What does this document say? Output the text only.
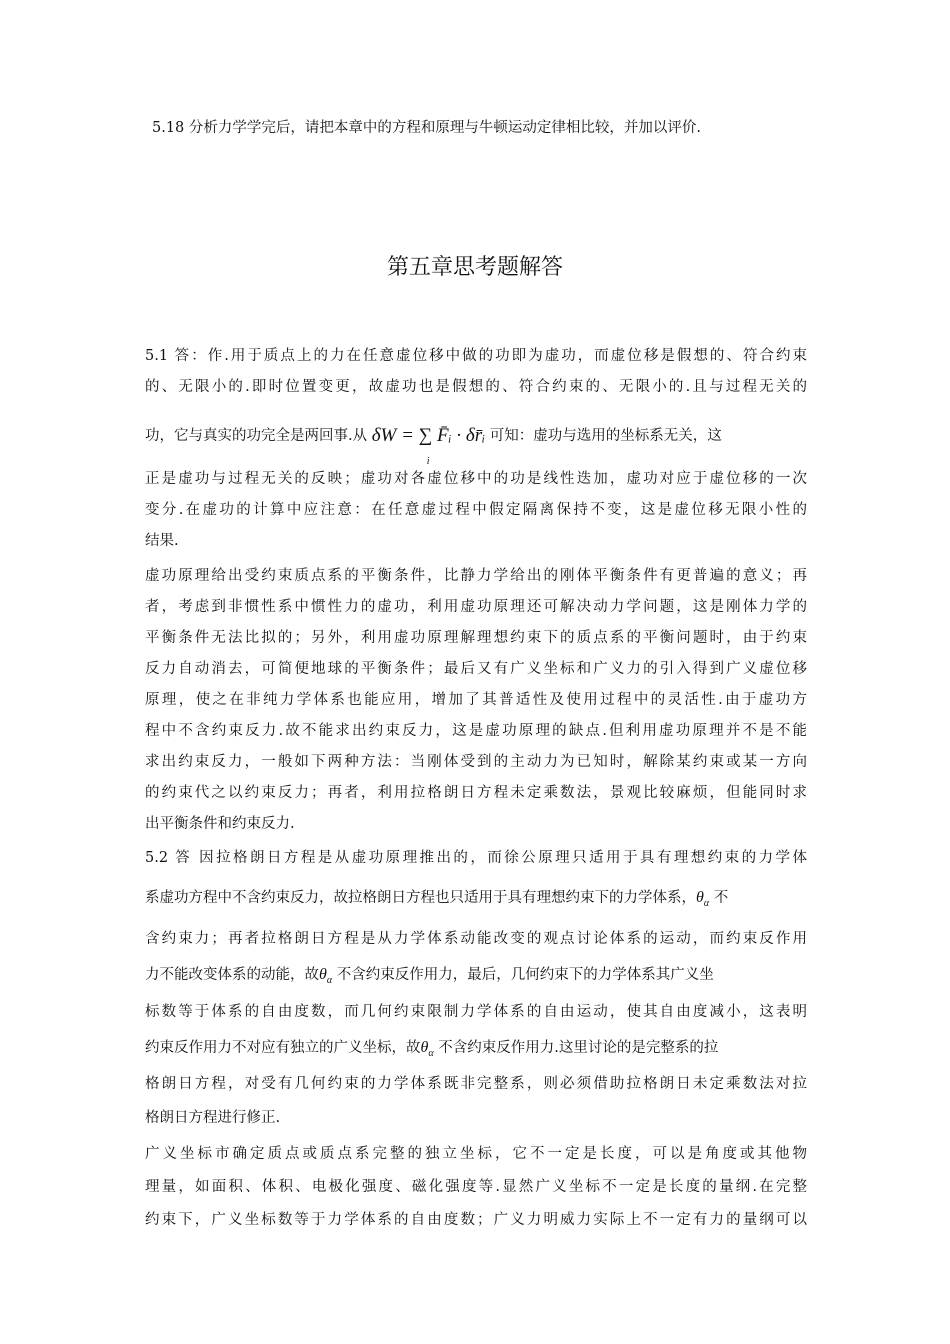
5.18 分析力学学完后，请把本章中的方程和原理与牛顿运动定律相比较，并加以评价.
第五章思考题解答
5.1 答：作.用于质点上的力在任意虚位移中做的功即为虚功，而虚位移是假想的、符合约束
的、无限小的.即时位置变更，故虚功也是假想的、符合约束的、无限小的.且与过程无关的
功，它与真实的功完全是两回事.从 δW = ∑ F̄ᵢ · δr̄ᵢ
i
可知：虚功与选用的坐标系无关，这
正是虚功与过程无关的反映；虚功对各虚位移中的功是线性迭加，虚功对应于虚位移的一次
变分.在虚功的计算中应注意：在任意虚过程中假定隔离保持不变，这是虚位移无限小性的
结果.
虚功原理给出受约束质点系的平衡条件，比静力学给出的刚体平衡条件有更普遍的意义；再
者，考虑到非惯性系中惯性力的虚功，利用虚功原理还可解决动力学问题，这是刚体力学的
平衡条件无法比拟的；另外，利用虚功原理解理想约束下的质点系的平衡问题时，由于约束
反力自动消去，可简便地球的平衡条件；最后又有广义坐标和广义力的引入得到广义虚位移
原理，使之在非纯力学体系也能应用，增加了其普适性及使用过程中的灵活性.由于虚功方
程中不含约束反力.故不能求出约束反力，这是虚功原理的缺点.但利用虚功原理并不是不能
求出约束反力，一般如下两种方法：当刚体受到的主动力为已知时，解除某约束或某一方向
的约束代之以约束反力；再者，利用拉格朗日方程未定乘数法，景观比较麻烦，但能同时求
出平衡条件和约束反力.
5.2 答 因拉格朗日方程是从虚功原理推出的，而徐公原理只适用于具有理想约束的力学体
系虚功方程中不含约束反力，故拉格朗日方程也只适用于具有理想约束下的力学体系，$\theta_\alpha$ 不
含约束力；再者拉格朗日方程是从力学体系动能改变的观点讨论体系的运动，而约束反作用
力不能改变体系的动能，故$\theta_\alpha$ 不含约束反作用力，最后，几何约束下的力学体系其广义坐
标数等于体系的自由度数，而几何约束限制力学体系的自由运动，使其自由度减小，这表明
约束反作用力不对应有独立的广义坐标，故$\theta_\alpha$ 不含约束反作用力.这里讨论的是完整系的拉
格朗日方程，对受有几何约束的力学体系既非完整系，则必须借助拉格朗日未定乘数法对拉
格朗日方程进行修正.
广义坐标市确定质点或质点系完整的独立坐标，它不一定是长度，可以是角度或其他物
理量，如面积、体积、电极化强度、磁化强度等.显然广义坐标不一定是长度的量纲.在完整
约束下，广义坐标数等于力学体系的自由度数；广义力明威力实际上不一定有力的量纲可以
